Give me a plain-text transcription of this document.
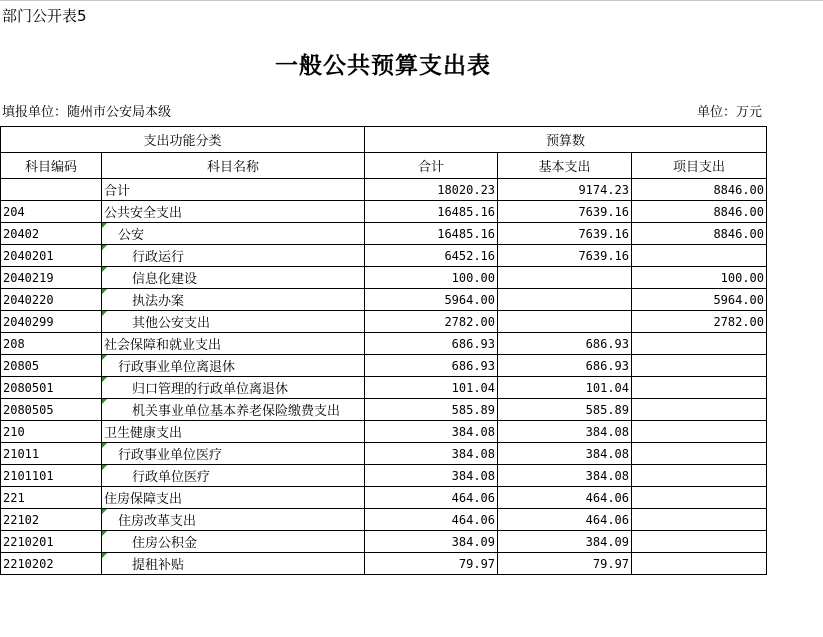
部门公开表5
一般公共预算支出表
填报单位：随州市公安局本级	单位：万元
支出功能分类		预算数		
科目编码	科目名称	合计	基本支出	项目支出
	合计	18020.23	9174.23	8846.00
204	公共安全支出	16485.16	7639.16	8846.00
20402	公安	16485.16	7639.16	8846.00
2040201	行政运行	6452.16	7639.16	
2040219	信息化建设	100.00		100.00
2040220	执法办案	5964.00		5964.00
2040299	其他公安支出	2782.00		2782.00
208	社会保障和就业支出	686.93	686.93	
20805	行政事业单位离退休	686.93	686.93	
2080501	归口管理的行政单位离退休	101.04	101.04	
2080505	机关事业单位基本养老保险缴费支出	585.89	585.89	
210	卫生健康支出	384.08	384.08	
21011	行政事业单位医疗	384.08	384.08	
2101101	行政单位医疗	384.08	384.08	
221	住房保障支出	464.06	464.06	
22102	住房改革支出	464.06	464.06	
2210201	住房公积金	384.09	384.09	
2210202	提租补贴	79.97	79.97	
